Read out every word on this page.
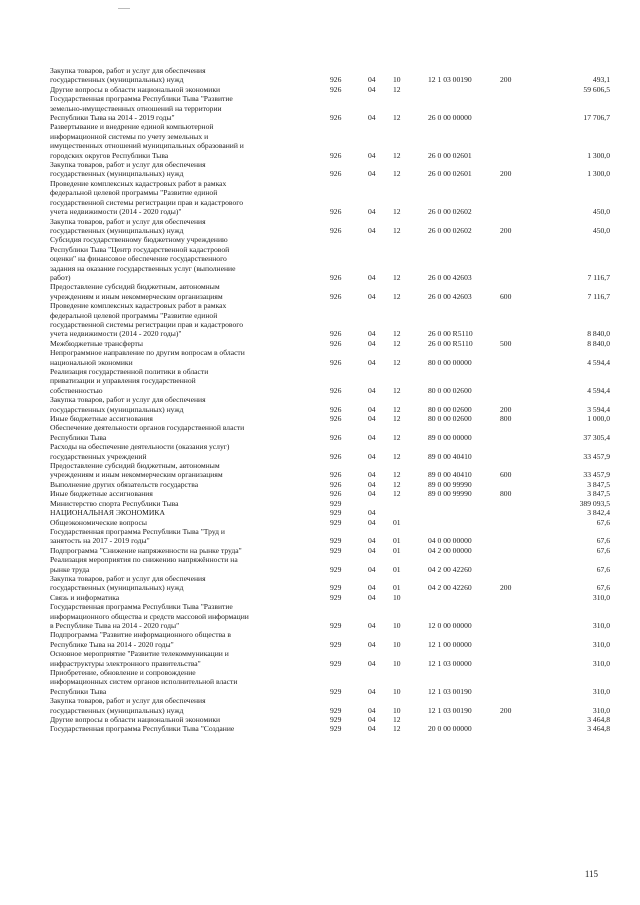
Закупка товаров, работ и услуг для обеспечения
государственных (муниципальных) нужд	926	04 10	12 1 03 00190	200	493,1
Другие вопросы в области национальной экономики	926	04 12	59 606,5
Государственная программа Республики Тыва "Развитие
земельно-имущественных отношений на территории
Республики Тыва на 2014 - 2019 годы"	926	04 12	26 0 00 00000	17 706,7
Развертывание и внедрение единой компьютерной
информационной системы по учету земельных и
имущественных отношений муниципальных образований и
городских округов Республики Тыва	926	04 12	26 0 00 02601	1 300,0
Закупка товаров, работ и услуг для обеспечения
государственных (муниципальных) нужд	926	04 12	26 0 00 02601	200	1 300,0
Проведение комплексных кадастровых работ в рамках
федеральной целевой программы "Развитие единой
государственной системы регистрации прав и кадастрового
учета недвижимости (2014 - 2020 годы)"	926	04 12	26 0 00 02602	450,0
Закупка товаров, работ и услуг для обеспечения
государственных (муниципальных) нужд	926	04 12	26 0 00 02602	200	450,0
Субсидия государственному бюджетному учреждению
Республики Тыва "Центр государственной кадастровой
оценки" на финансовое обеспечение государственного
задания на оказание государственных услуг (выполнение
работ)	926	04 12	26 0 00 42603	7 116,7
Предоставление субсидий бюджетным, автономным
учреждениям и иным некоммерческим организациям	926	04 12	26 0 00 42603	600	7 116,7
Проведение комплексных кадастровых работ в рамках
федеральной целевой программы "Развитие единой
государственной системы регистрации прав и кадастрового
учета недвижимости (2014 - 2020 годы)"	926	04 12	26 0 00 R5110	8 840,0
Межбюджетные трансферты	926	04 12	26 0 00 R5110	500	8 840,0
Непрограммное направление по другим вопросам в области
национальной экономики	926	04 12	80 0 00 00000	4 594,4
Реализация государственной политики в области
приватизации и управления государственной
собственностью	926	04 12	80 0 00 02600	4 594,4
Закупка товаров, работ и услуг для обеспечения
государственных (муниципальных) нужд	926	04 12	80 0 00 02600	200	3 594,4
Иные бюджетные ассигнования	926	04 12	80 0 00 02600	800	1 000,0
Обеспечение деятельности органов государственной власти
Республики Тыва	926	04 12	89 0 00 00000	37 305,4
Расходы на обеспечение деятельности (оказания услуг)
государственных учреждений	926	04 12	89 0 00 40410	33 457,9
Предоставление субсидий бюджетным, автономным
учреждениям и иным некоммерческим организациям	926	04 12	89 0 00 40410	600	33 457,9
Выполнение других обязательств государства	926	04 12	89 0 00 99990	3 847,5
Иные бюджетные ассигнования	926	04 12	89 0 00 99990	800	3 847,5
Министерство спорта Республики Тыва	929	389 093,5
НАЦИОНАЛЬНАЯ ЭКОНОМИКА	929	04	3 842,4
Общеэкономические вопросы	929	04 01	67,6
Государственная программа Республики Тыва "Труд и
занятость на 2017 - 2019 годы"	929	04 01	04 0 00 00000	67,6
Подпрограмма "Снижение напряженности на рынке труда"	929	04 01	04 2 00 00000	67,6
Реализация мероприятия по снижению напряжённости на
рынке труда	929	04 01	04 2 00 42260	67,6
Закупка товаров, работ и услуг для обеспечения
государственных (муниципальных) нужд	929	04 01	04 2 00 42260	200	67,6
Связь и информатика	929	04 10	310,0
Государственная программа Республики Тыва "Развитие
информационного общества и средств массовой информации
в Республике Тыва на 2014 - 2020 годы"	929	04 10	12 0 00 00000	310,0
Подпрограмма "Развитие информационного общества в
Республике Тыва на 2014 - 2020 годы"	929	04 10	12 1 00 00000	310,0
Основное мероприятие "Развитие телекоммуникации и
инфраструктуры электронного правительства"	929	04 10	12 1 03 00000	310,0
Приобретение, обновление и сопровождение
информационных систем органов исполнительной власти
Республики Тыва	929	04 10	12 1 03 00190	310,0
Закупка товаров, работ и услуг для обеспечения
государственных (муниципальных) нужд	929	04 10	12 1 03 00190	200	310,0
Другие вопросы в области национальной экономики	929	04 12	3 464,8
Государственная программа Республики Тыва "Создание	929	04 12	20 0 00 00000	3 464,8
115
